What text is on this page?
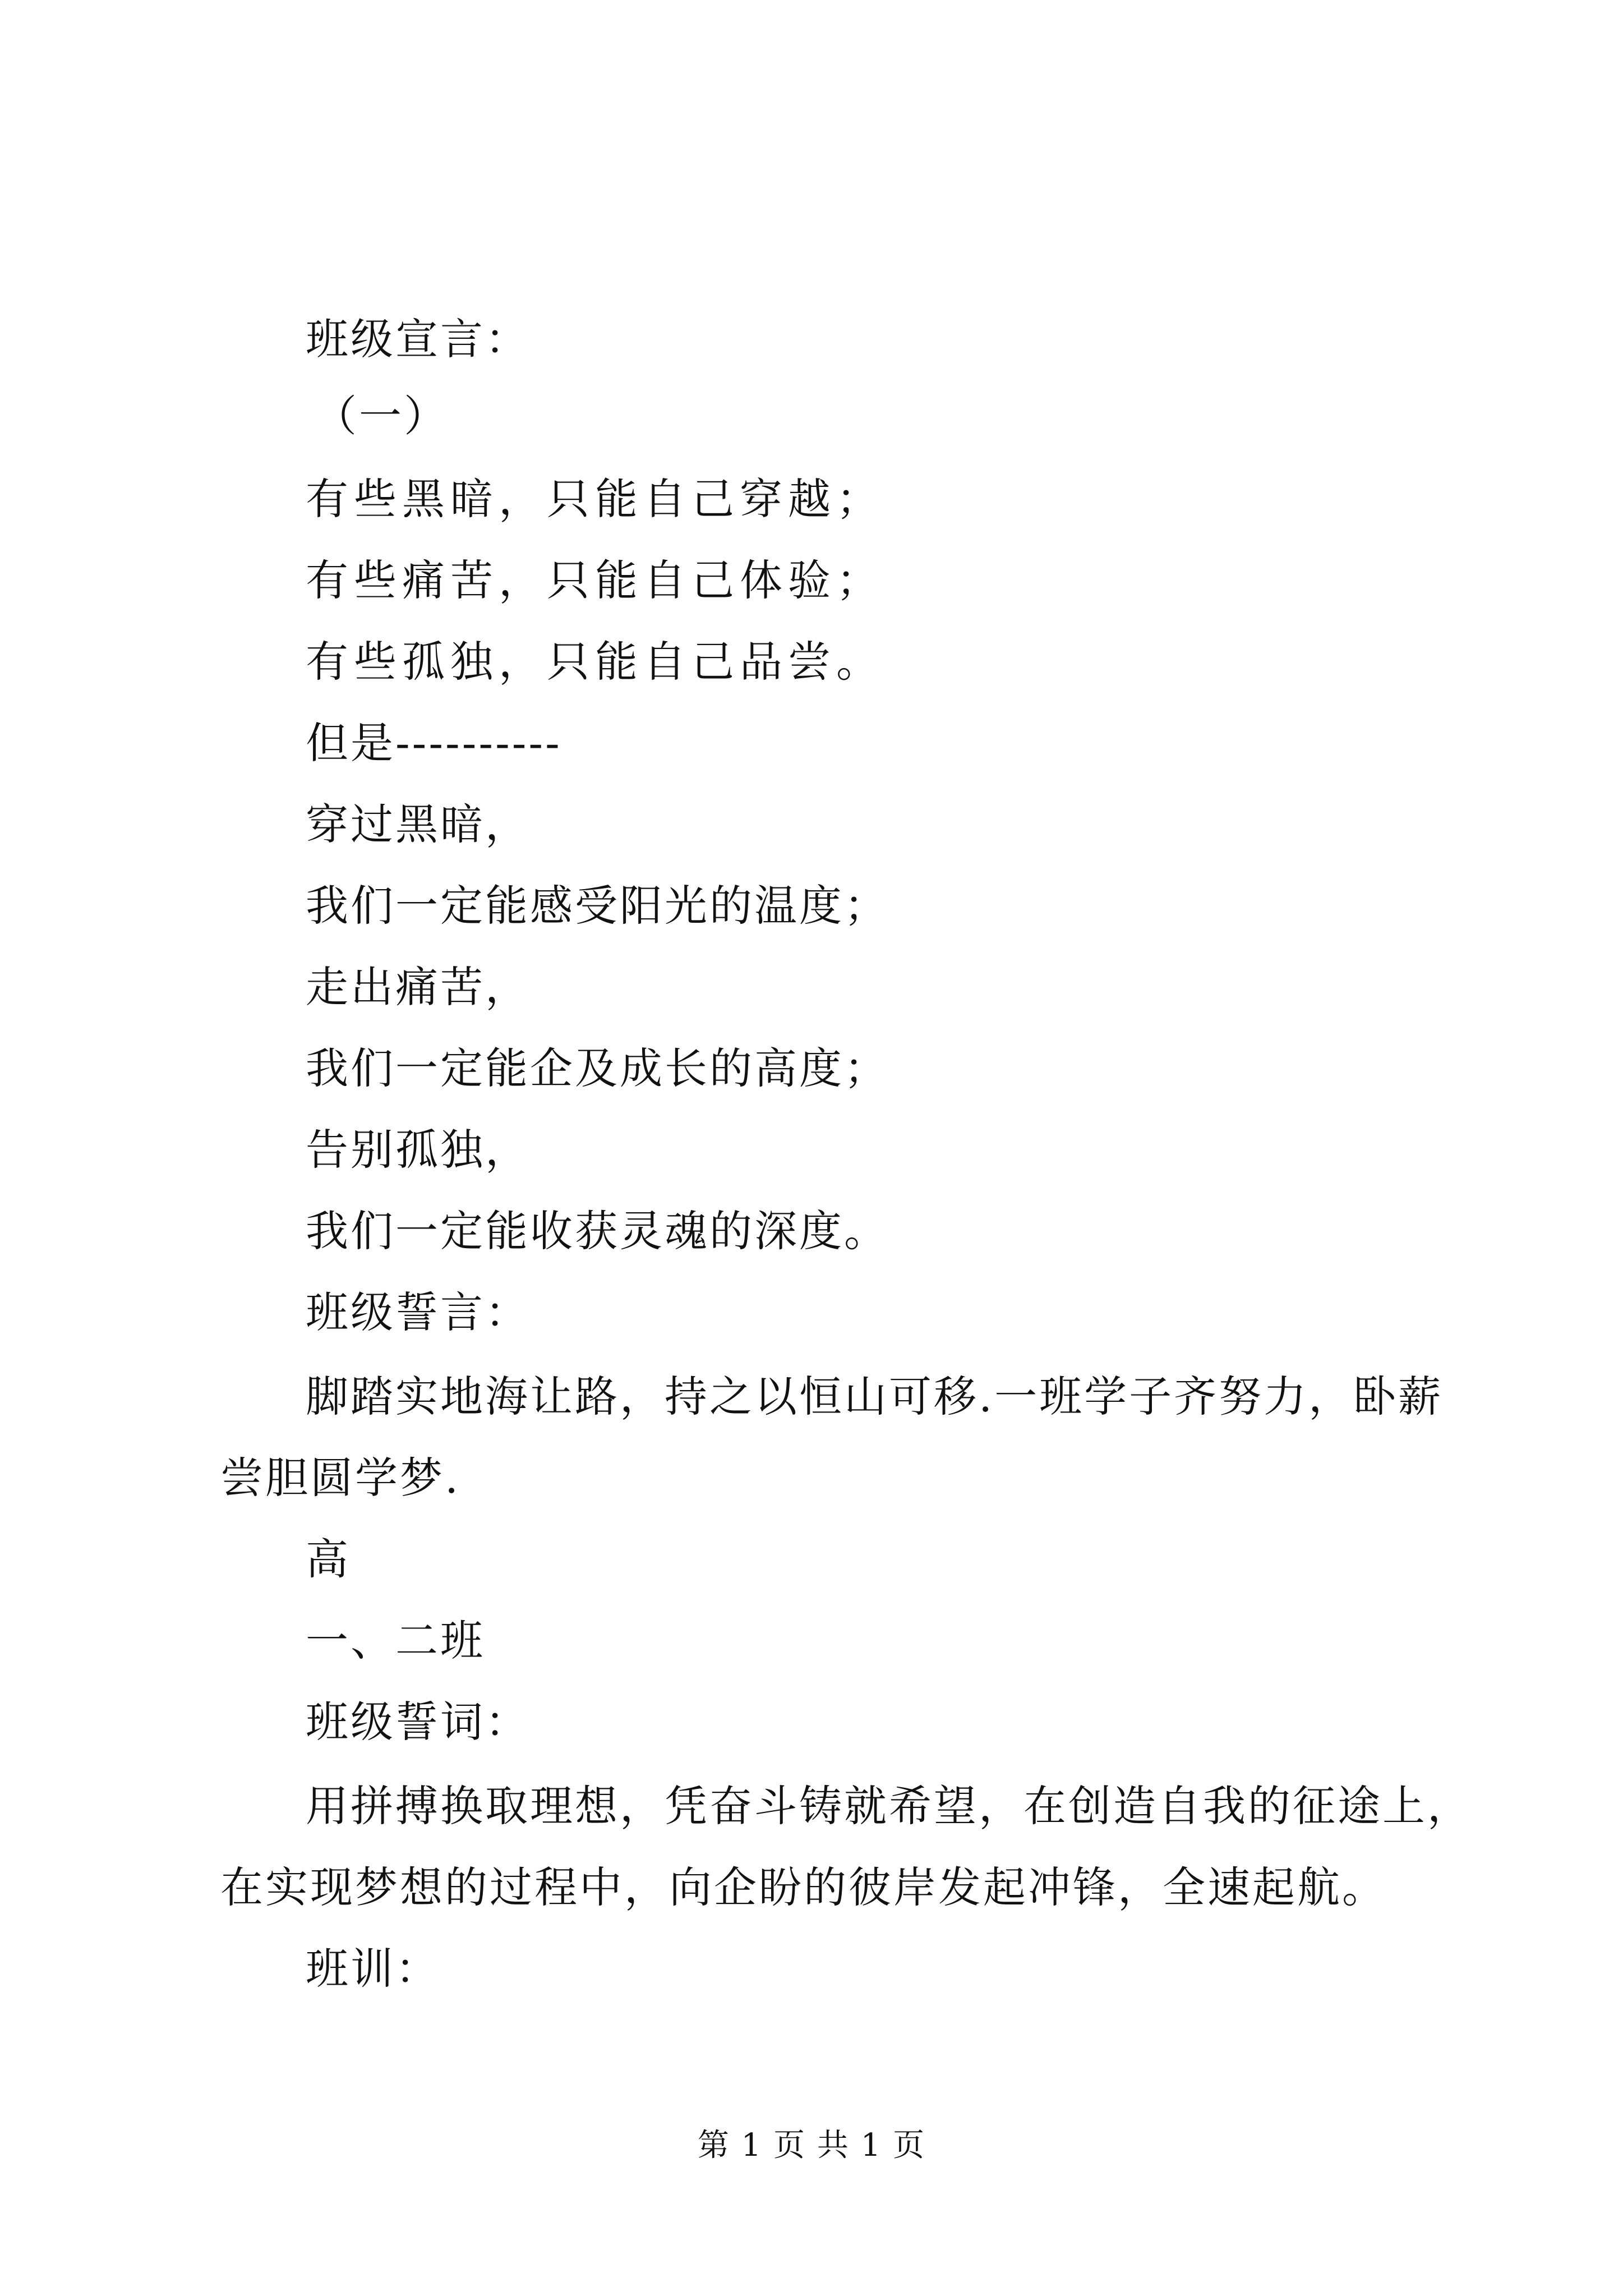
班级宣言：
（一）
有些黑暗，只能自己穿越；
有些痛苦，只能自己体验；
有些孤独，只能自己品尝。
但是----------
穿过黑暗，
我们一定能感受阳光的温度；
走出痛苦，
我们一定能企及成长的高度；
告别孤独，
我们一定能收获灵魂的深度。
班级誓言：
脚踏实地海让路，持之以恒山可移.一班学子齐努力，卧薪
尝胆圆学梦.
高
一、二班
班级誓词：
用拼搏换取理想，凭奋斗铸就希望，在创造自我的征途上，
在实现梦想的过程中，向企盼的彼岸发起冲锋，全速起航。
班训：
第 1 页 共 1 页
